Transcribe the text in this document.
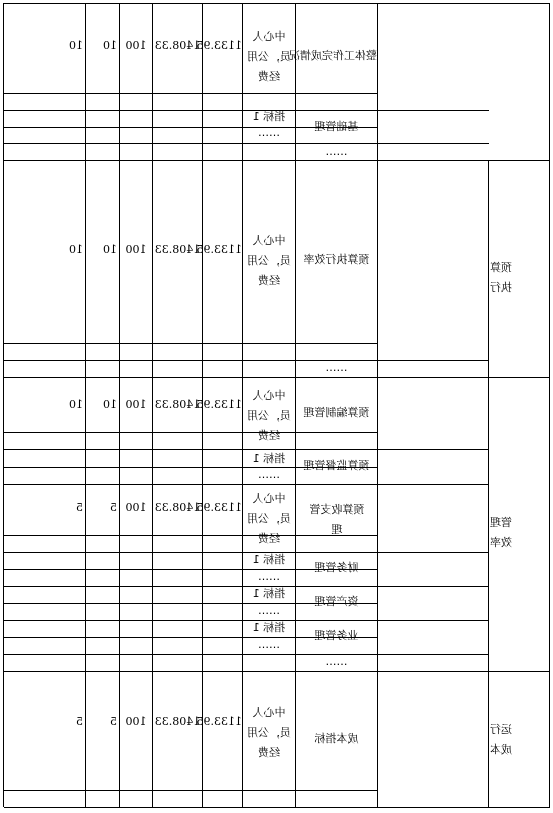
整体工作完成情况
中心人员，公用经费
1133.95
1408.33
100
10
10
基础管理
指标 1
……
……
预算执行
预算执行效率
中心人员，公用经费
1133.95
1408.33
100
10
10
……
管理效率
预算编制管理
中心人员，公用经费
1133.95
1408.33
100
10
10
预算监督管理
指标 1
……
预算收支管理
中心人员，公用经费
1133.95
1408.33
100
5
5
财务管理
指标 1
……
资产管理
指标 1
……
业务管理
指标 1
……
……
运行成本
成本指标
中心人员，公用经费
1133.95
1408.33
100
5
5
